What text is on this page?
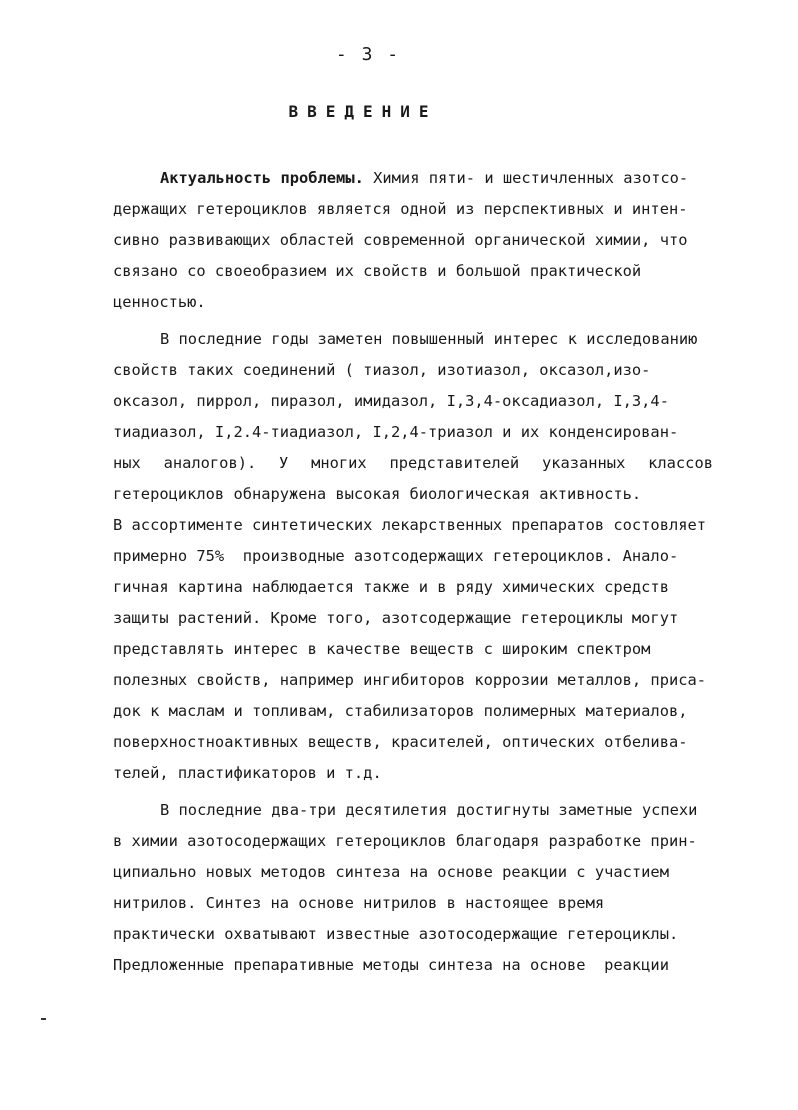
- 3 -
ВВЕДЕНИЕ
Актуальность проблемы. Химия пяти- и шестичленных азотсо-
держащих гетероциклов является одной из перспективных и интен-
сивно развивающих областей современной органической химии, что
связано со своеобразием их свойств и большой практической
ценностью.
В последние годы заметен повышенный интерес к исследованию
свойств таких соединений ( тиазол, изотиазол, оксазол,изо-
оксазол, пиррол, пиразол, имидазол, I,3,4-оксадиазол, I,3,4-
тиадиазол, I,2.4-тиадиазол, I,2,4-триазол и их конденсирован-
ных аналогов). У многих представителей указанных классов
гетероциклов обнаружена высокая биологическая активность.
В ассортименте синтетических лекарственных препаратов состовляет
примерно 75%  производные азотсодержащих гетероциклов. Анало-
гичная картина наблюдается также и в ряду химических средств
защиты растений. Кроме того, азотсодержащие гетероциклы могут
представлять интерес в качестве веществ с широким спектром
полезных свойств, например ингибиторов коррозии металлов, приса-
док к маслам и топливам, стабилизаторов полимерных материалов,
поверхностноактивных веществ, красителей, оптических отбелива-
телей, пластификаторов и т.д.
В последние два-три десятилетия достигнуты заметные успехи
в химии азотосодержащих гетероциклов благодаря разработке прин-
ципиально новых методов синтеза на основе реакции с участием
нитрилов. Синтез на основе нитрилов в настоящее время
практически охватывают известные азотосодержащие гетероциклы.
Предложенные препаративные методы синтеза на основе  реакции
